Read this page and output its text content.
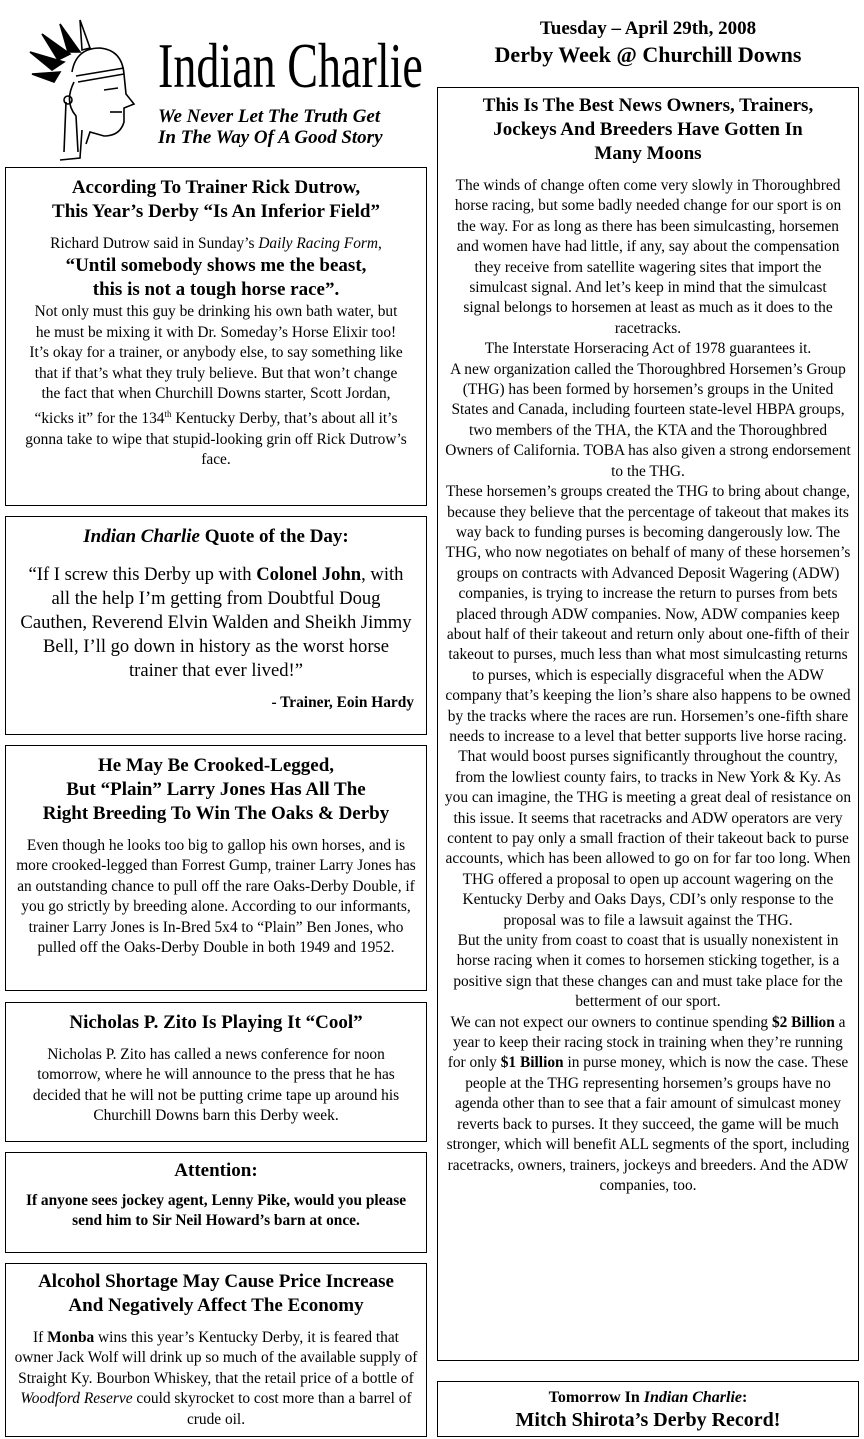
Indian Charlie
We Never Let The Truth Get
In The Way Of A Good Story
Tuesday – April 29th, 2008
Derby Week @ Churchill Downs

According To Trainer Rick Dutrow,

This Year’s Derby “Is An Inferior Field”

Richard Dutrow said in Sunday’s Daily Racing Form,

“Until somebody shows me the beast,

this is not a tough horse race”.

Not only must this guy be drinking his own bath water, but he must be mixing it with Dr. Someday’s Horse Elixir too!

It’s okay for a trainer, or anybody else, to say something like that if that’s what they truly believe. But that won’t change the fact that when Churchill Downs starter, Scott Jordan, “kicks it” for the 134th Kentucky Derby, that’s about all it’s gonna take to wipe that stupid-looking grin off Rick Dutrow’s face.

Indian Charlie Quote of the Day:

“If I screw this Derby up with Colonel John, with all the help I’m getting from Doubtful Doug Cauthen, Reverend Elvin Walden and Sheikh Jimmy Bell, I’ll go down in history as the worst horse trainer that ever lived!”

- Trainer, Eoin Hardy

He May Be Crooked-Legged,

But “Plain” Larry Jones Has All The

Right Breeding To Win The Oaks & Derby

Even though he looks too big to gallop his own horses, and is more crooked-legged than Forrest Gump, trainer Larry Jones has an outstanding chance to pull off the rare Oaks-Derby Double, if you go strictly by breeding alone. According to our informants, trainer Larry Jones is In-Bred 5x4 to “Plain” Ben Jones, who pulled off the Oaks-Derby Double in both 1949 and 1952.

Nicholas P. Zito Is Playing It “Cool”

Nicholas P. Zito has called a news conference for noon tomorrow, where he will announce to the press that he has decided that he will not be putting crime tape up around his Churchill Downs barn this Derby week.

Attention:

If anyone sees jockey agent, Lenny Pike, would you please send him to Sir Neil Howard’s barn at once.

Alcohol Shortage May Cause Price Increase

And Negatively Affect The Economy

If Monba wins this year’s Kentucky Derby, it is feared that owner Jack Wolf will drink up so much of the available supply of Straight Ky. Bourbon Whiskey, that the retail price of a bottle of Woodford Reserve could skyrocket to cost more than a barrel of crude oil.

This Is The Best News Owners, Trainers,

Jockeys And Breeders Have Gotten In

Many Moons

The winds of change often come very slowly in Thoroughbred horse racing, but some badly needed change for our sport is on the way. For as long as there has been simulcasting, horsemen and women have had little, if any, say about the compensation they receive from satellite wagering sites that import the simulcast signal. And let’s keep in mind that the simulcast signal belongs to horsemen at least as much as it does to the racetracks.

The Interstate Horseracing Act of 1978 guarantees it.

A new organization called the Thoroughbred Horsemen’s Group (THG) has been formed by horsemen’s groups in the United States and Canada, including fourteen state-level HBPA groups, two members of the THA, the KTA and the Thoroughbred Owners of California. TOBA has also given a strong endorsement to the THG.

These horsemen’s groups created the THG to bring about change, because they believe that the percentage of takeout that makes its way back to funding purses is becoming dangerously low. The THG, who now negotiates on behalf of many of these horsemen’s groups on contracts with Advanced Deposit Wagering (ADW) companies, is trying to increase the return to purses from bets placed through ADW companies. Now, ADW companies keep about half of their takeout and return only about one-fifth of their takeout to purses, much less than what most simulcasting returns to purses, which is especially disgraceful when the ADW company that’s keeping the lion’s share also happens to be owned by the tracks where the races are run. Horsemen’s one-fifth share needs to increase to a level that better supports live horse racing. That would boost purses significantly throughout the country, from the lowliest county fairs, to tracks in New York & Ky. As you can imagine, the THG is meeting a great deal of resistance on this issue. It seems that racetracks and ADW operators are very content to pay only a small fraction of their takeout back to purse accounts, which has been allowed to go on for far too long. When THG offered a proposal to open up account wagering on the Kentucky Derby and Oaks Days, CDI’s only response to the proposal was to file a lawsuit against the THG.

But the unity from coast to coast that is usually nonexistent in horse racing when it comes to horsemen sticking together, is a positive sign that these changes can and must take place for the betterment of our sport.

We can not expect our owners to continue spending $2 Billion a year to keep their racing stock in training when they’re running for only $1 Billion in purse money, which is now the case. These people at the THG representing horsemen’s groups have no agenda other than to see that a fair amount of simulcast money reverts back to purses. It they succeed, the game will be much stronger, which will benefit ALL segments of the sport, including racetracks, owners, trainers, jockeys and breeders. And the ADW companies, too.

Tomorrow In Indian Charlie:

Mitch Shirota’s Derby Record!
